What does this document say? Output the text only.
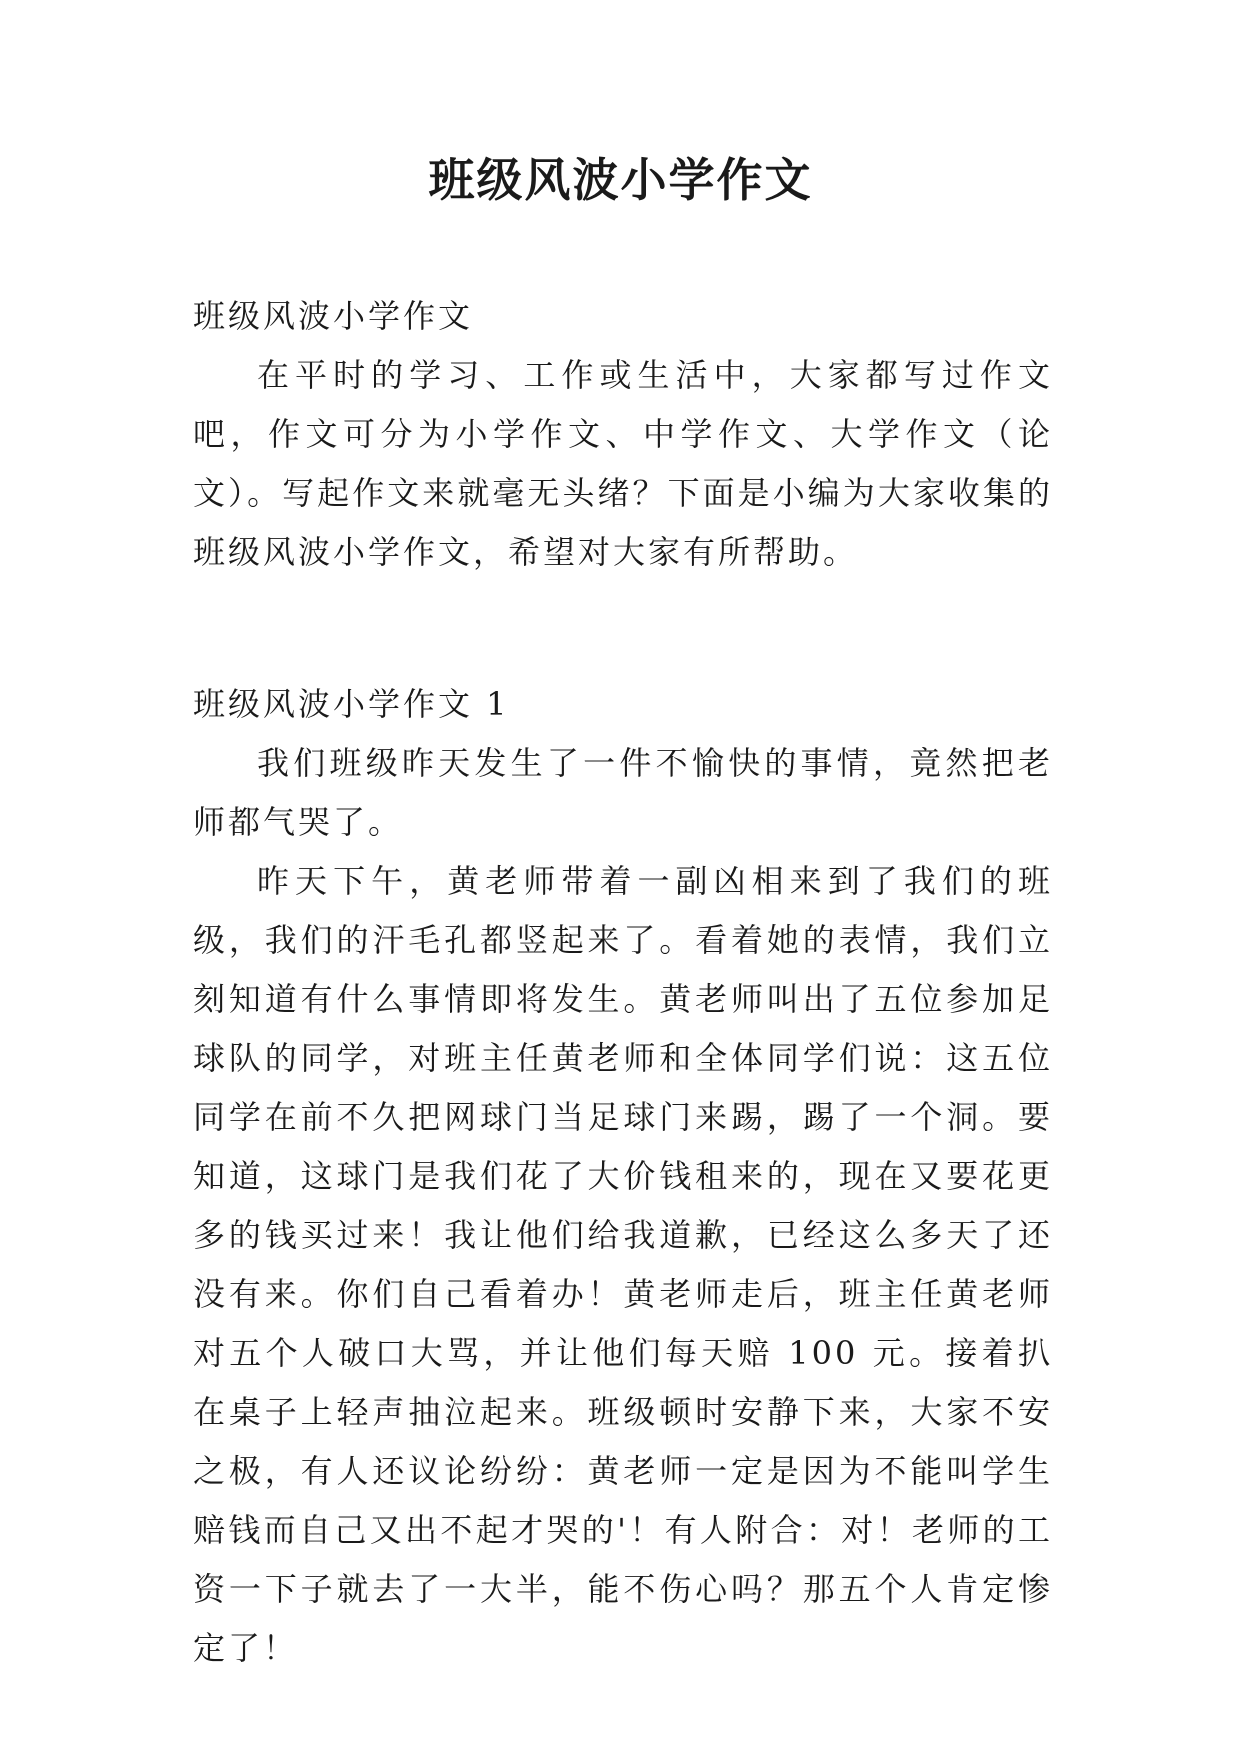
班级风波小学作文

班级风波小学作文

在平时的学习、工作或生活中，大家都写过作文吧，作文可分为小学作文、中学作文、大学作文（论文）。写起作文来就毫无头绪？下面是小编为大家收集的班级风波小学作文，希望对大家有所帮助。

班级风波小学作文 1

我们班级昨天发生了一件不愉快的事情，竟然把老师都气哭了。

昨天下午，黄老师带着一副凶相来到了我们的班级，我们的汗毛孔都竖起来了。看着她的表情，我们立刻知道有什么事情即将发生。黄老师叫出了五位参加足球队的同学，对班主任黄老师和全体同学们说：这五位同学在前不久把网球门当足球门来踢，踢了一个洞。要知道，这球门是我们花了大价钱租来的，现在又要花更多的钱买过来！我让他们给我道歉，已经这么多天了还没有来。你们自己看着办！黄老师走后，班主任黄老师对五个人破口大骂，并让他们每天赔 100 元。接着扒在桌子上轻声抽泣起来。班级顿时安静下来，大家不安之极，有人还议论纷纷：黄老师一定是因为不能叫学生赔钱而自己又出不起才哭的'！有人附合：对！老师的工资一下子就去了一大半，能不伤心吗？那五个人肯定惨定了！
